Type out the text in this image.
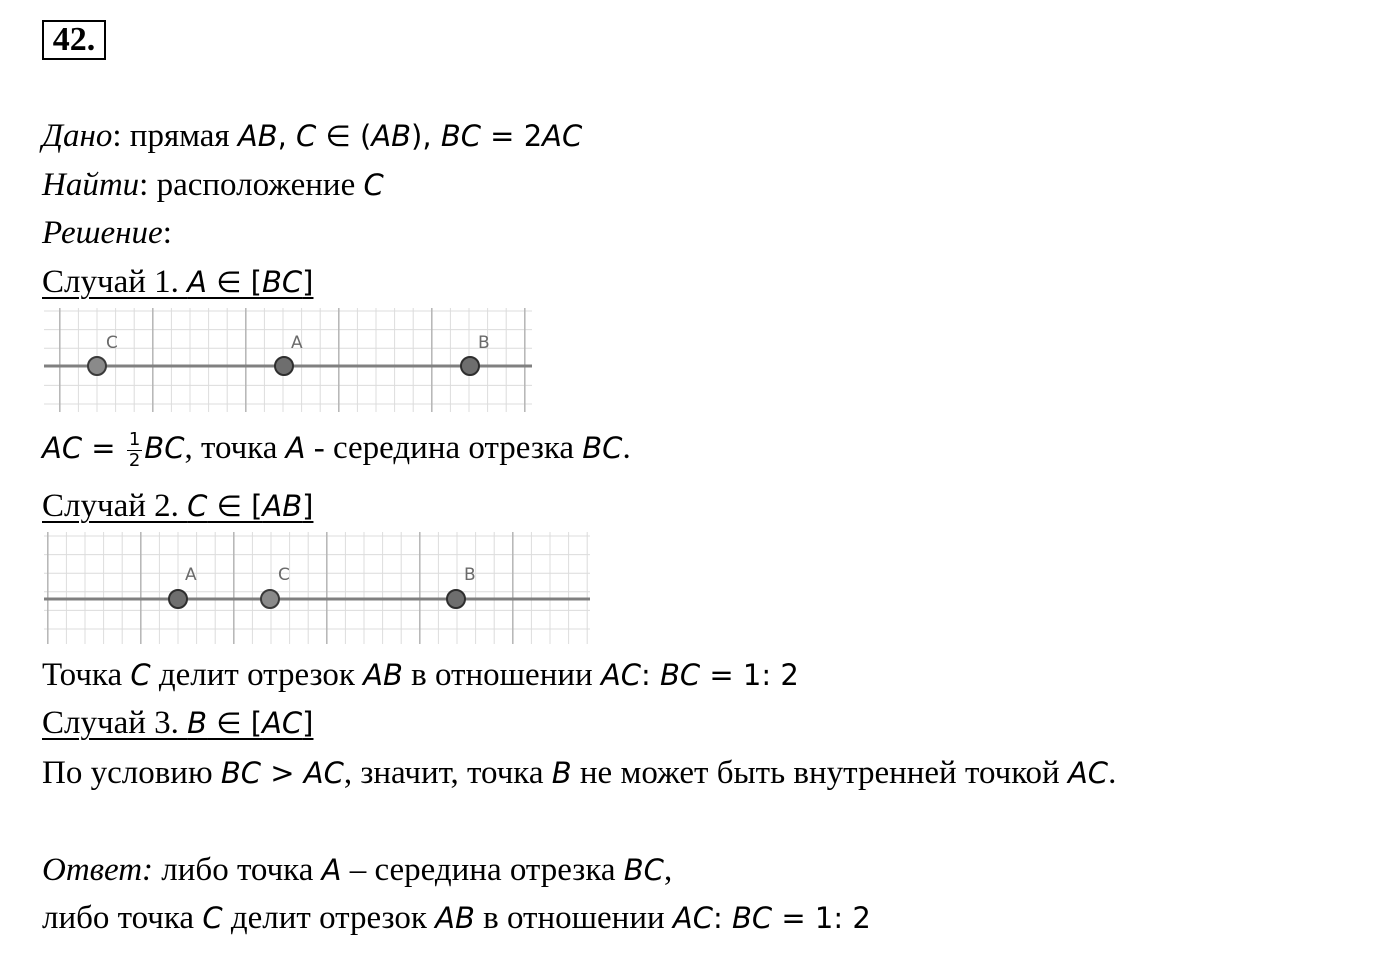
42.
Дано: прямая AB, C ∈ (AB), BC = 2AC
Найти: расположение C
Решение:
Случай 1. A ∈ [BC]
C	A	B
AC = $\frac{1}{2}$ BC, точка A - середина отрезка BC.
Случай 2. C ∈ [AB]
A	C	B
Точка C делит отрезок AB в отношении AC: BC = 1: 2
Случай 3. B ∈ [AC]
По условию BC > AC, значит, точка B не может быть внутренней точкой AC.
Ответ: либо точка A – середина отрезка BC,
либо точка C делит отрезок AB в отношении AC: BC = 1: 2
